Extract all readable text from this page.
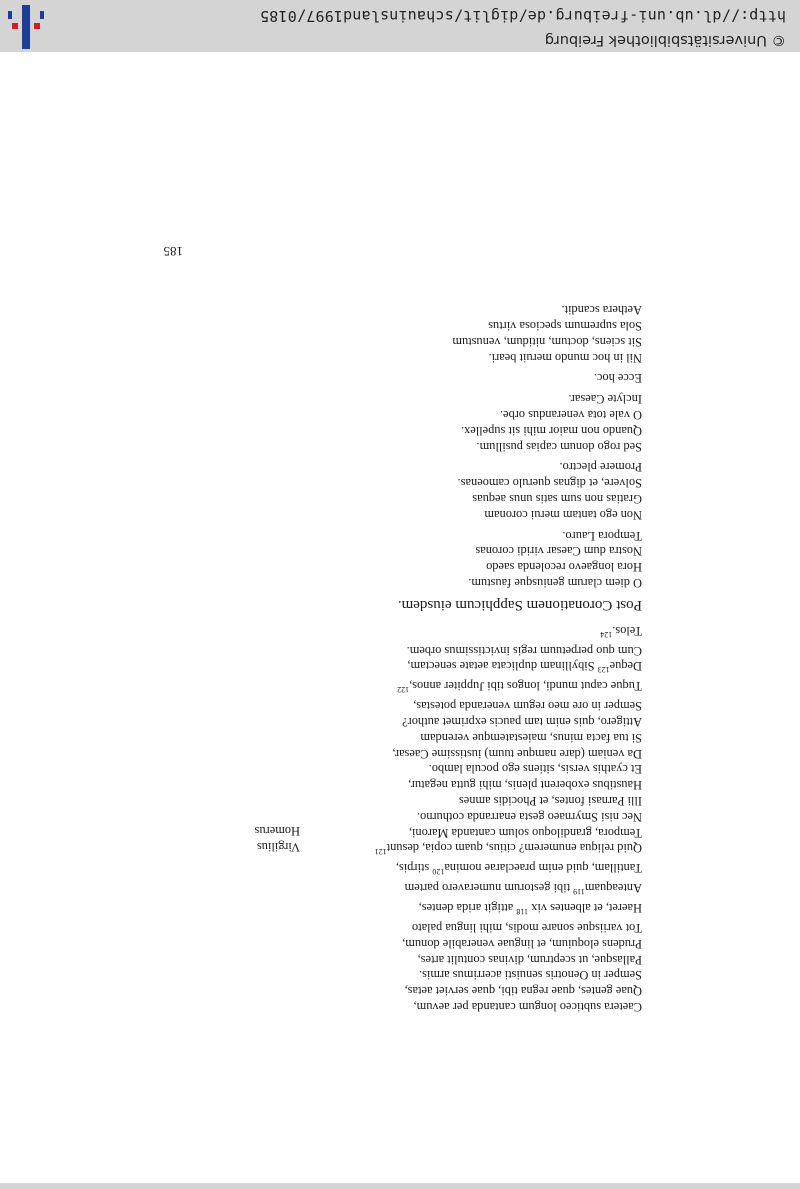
Caetera subticeo longum cantanda per aevum,
Quae gentes, quae regna tibi, quae serviet aetas,
Semper in Oenotris senuisti acerrimus armis.
Pallasque, ut sceptrum, divinas contulit artes,
Prudens eloquium, et linguae venerabile donum,
Tot variisque sonare modis, mihi lingua palato
Haeret, et albentes vix $^{118}$ attigit arida dentes,
Anteaquam$^{119}$ tibi gestorum numeravero partem
Tantillam, quid enim praeclarae nomina$^{120}$ stirpis,
Quid reliqua enumerem? citius, quam copia, desunt$^{121}$
Tempora, grandiloquo solum cantanda Maroni,
Nec nisi Smyrnaeo gesta enarranda cothurno.
Illi Parnasi fontes, et Phocidis amnes
Haustibus exoberent plenis, mihi gutta negatur,
Et cyathis versis, sitiens ego pocula lambo.
Da veniam (dare namque tuum) iustissime Caesar,
Si tua facta minus, maiestatemque verendam
Attigero, quis enim tam paucis exprimet author?
Semper in ore meo regum veneranda potestas,
Tuque caput mundi, longos tibi Juppiter annos,$^{122}$
Deque$^{123}$ Sibyllinam duplicata aetate senectam,
Cum quo perpetuum regis invictissimus orbem.
Telos.$^{124}$
Post Coronationem Sapphicum eiusdem.
O diem clarum geniusque faustum.
Hora longaevo recolenda saedo
Nostra dum Caesar viridi coronas
Tempora Lauro.
Non ego tantam merui coronam
Gratias non sum satis unus aequas
Solvere, et dignas querulo camoenas.
Promere plectro.
Sed rogo donum capias pusillum.
Quando non maior mihi sit supellex.
O vale tota venerandus orbe.
Inclyte Caesar.
Ecce hoc.
Nil in hoc mundo meruit beari.
Sit sciens, doctum, nitidum, venustum
Sola supremum speciosa virtus
Aethera scandit.
Virgilius
Homerus
185
© Universitätsbibliothek Freiburg
http://dl.ub.uni-freiburg.de/diglit/schauinsland1997/0185
